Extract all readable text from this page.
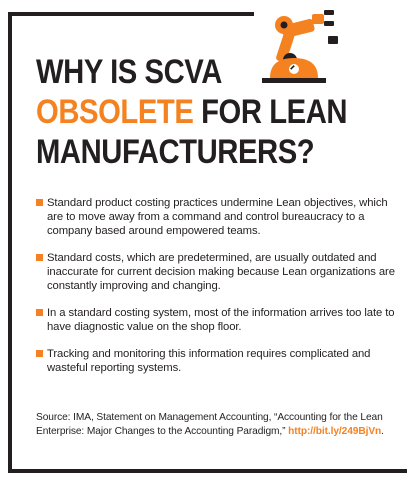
WHY IS SCVA
OBSOLETE FOR LEAN
MANUFACTURERS?
Standard product costing practices undermine Lean objectives, which are to move away from a command and control bureaucracy to a company based around empowered teams.
Standard costs, which are predetermined, are usually outdated and inaccurate for current decision making because Lean organizations are constantly improving and changing.
In a standard costing system, most of the information arrives too late to have diagnostic value on the shop floor.
Tracking and monitoring this information requires complicated and wasteful reporting systems.
Source: IMA, Statement on Management Accounting, “Accounting for the Lean Enterprise: Major Changes to the Accounting Paradigm,” http://bit.ly/249BjVn.
